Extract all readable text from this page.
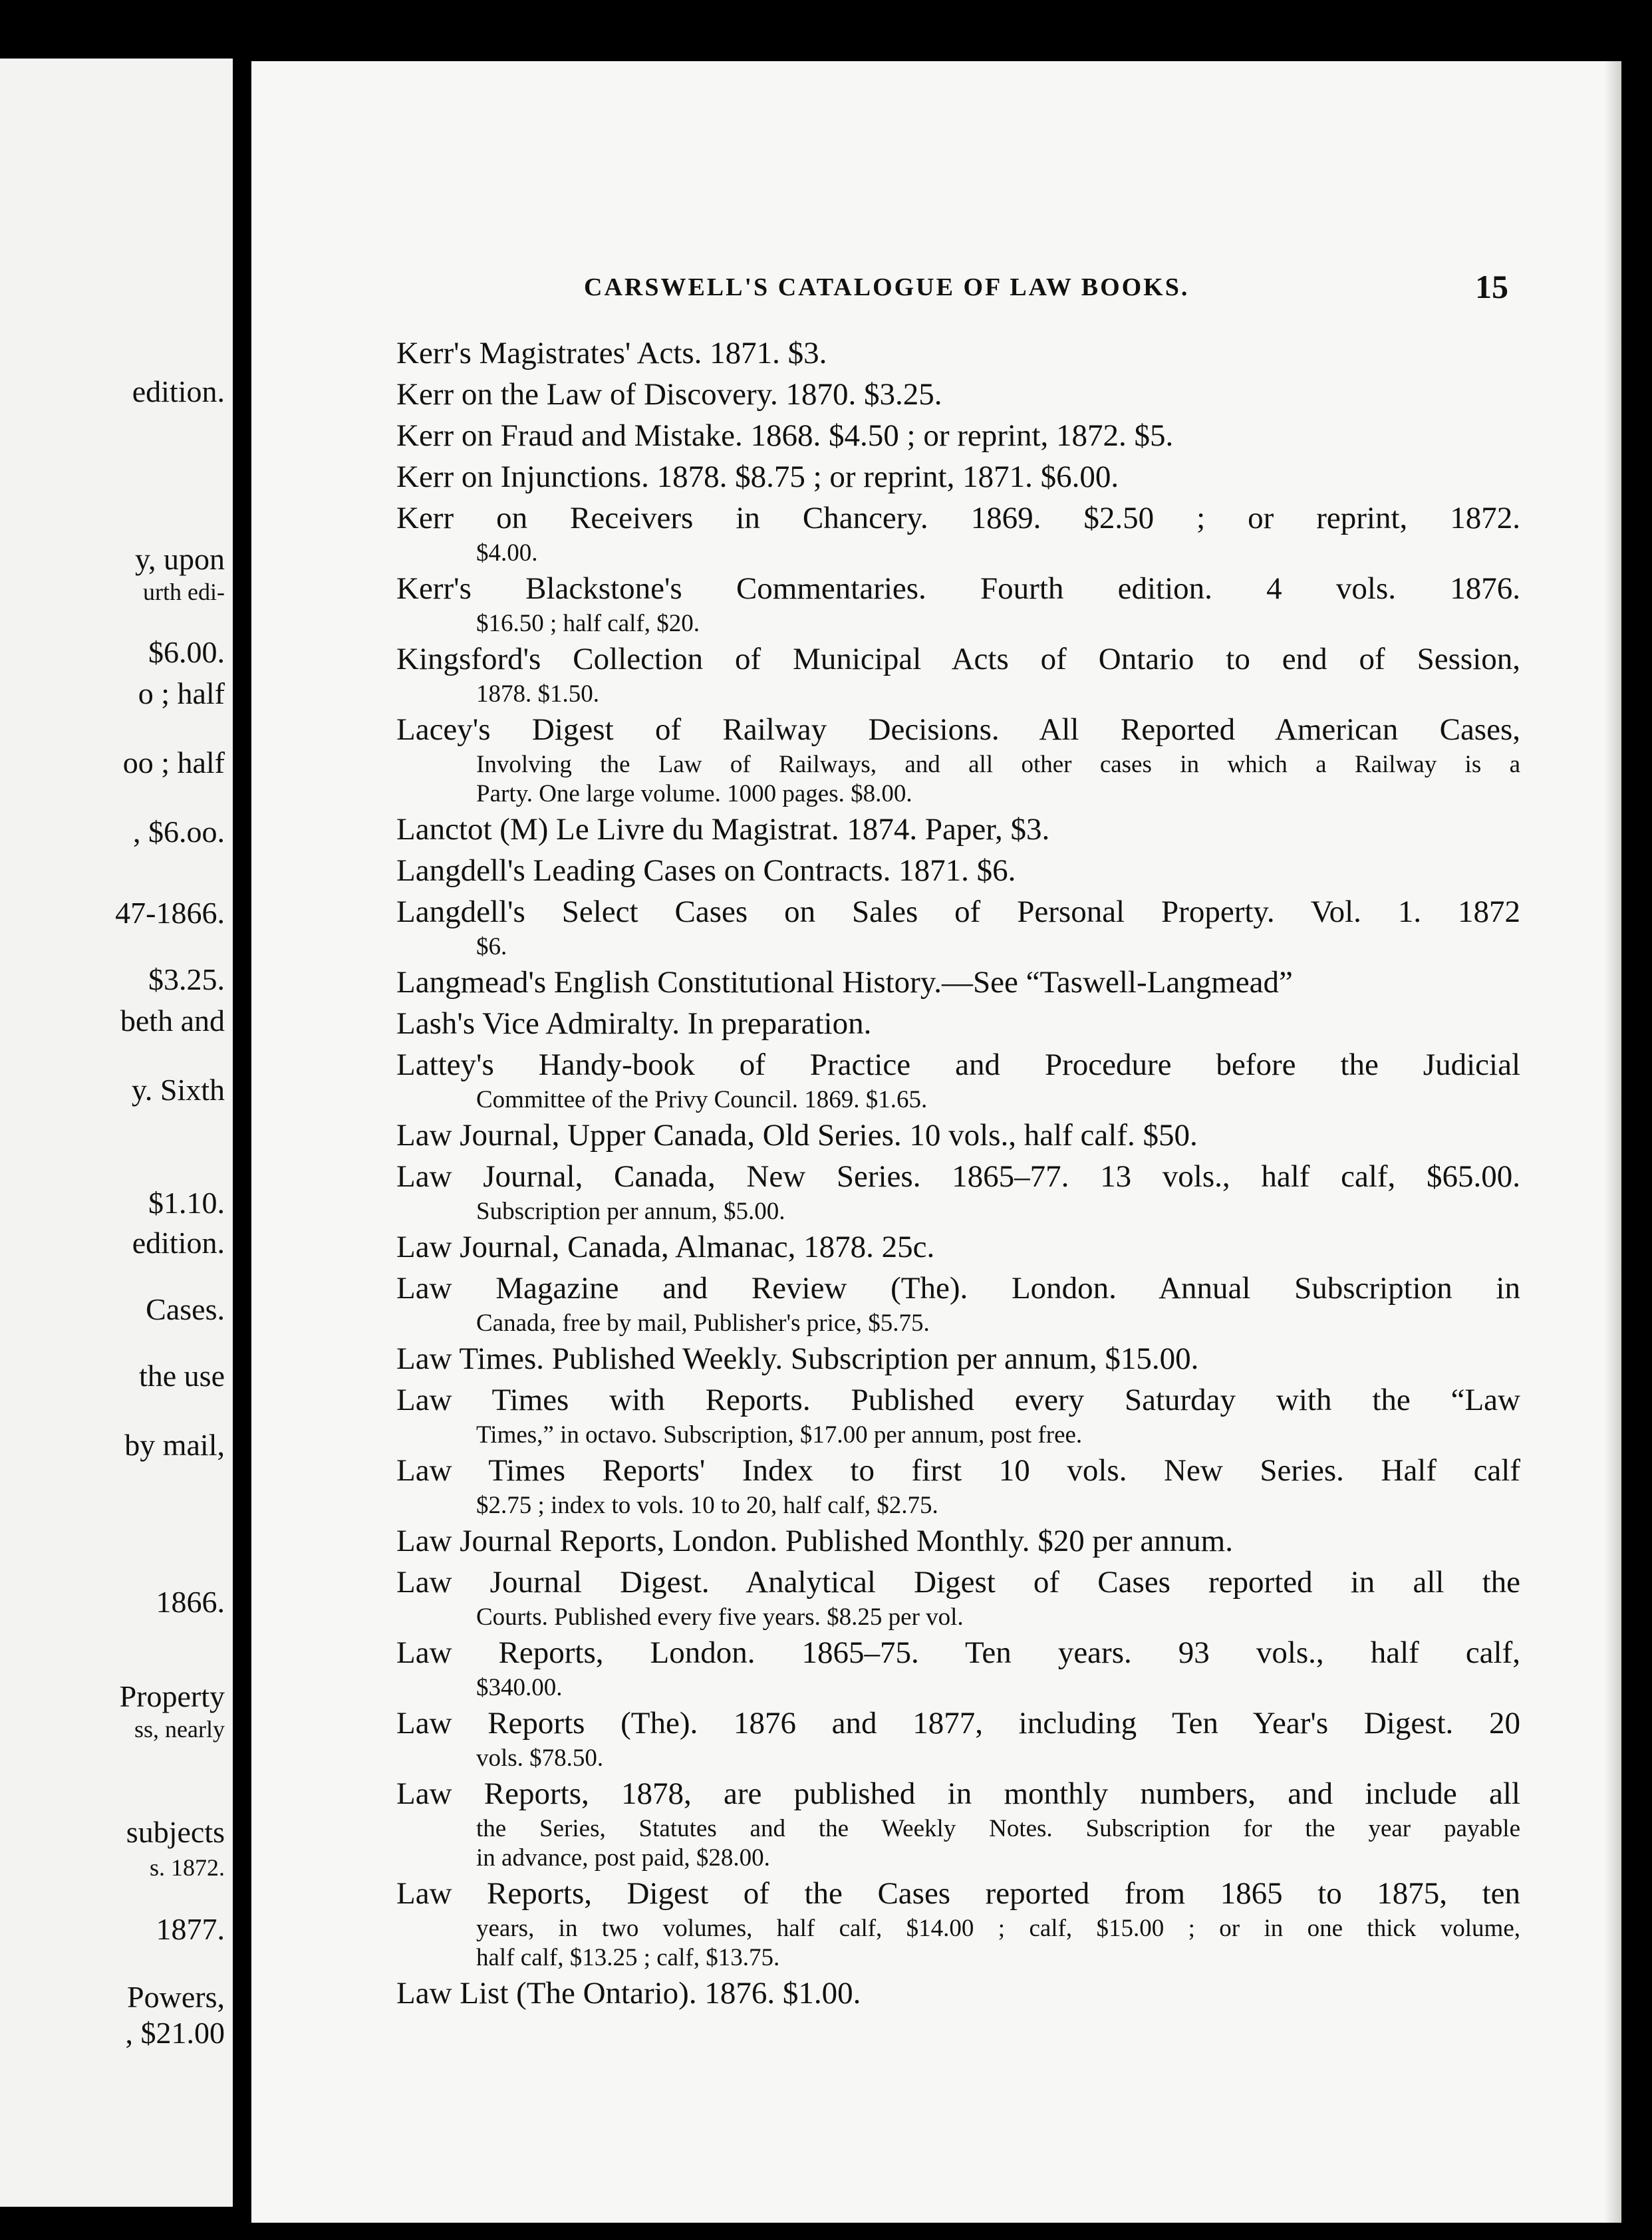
edition.
y, upon
urth edi-
$6.00.
o ; half
oo ; half
, $6.oo.
47-1866.
$3.25.
beth and
y. Sixth
$1.10.
edition.
Cases.
the use
by mail,
1866.
Property
ss, nearly
subjects
s. 1872.
1877.
Powers,
, $21.00
CARSWELL'S CATALOGUE OF LAW BOOKS.	15
Kerr's Magistrates' Acts. 1871. $3.
Kerr on the Law of Discovery. 1870. $3.25.
Kerr on Fraud and Mistake. 1868. $4.50 ; or reprint, 1872. $5.
Kerr on Injunctions. 1878. $8.75 ; or reprint, 1871. $6.00.
Kerr on Receivers in Chancery. 1869. $2.50 ; or reprint, 1872.
$4.00.
Kerr's Blackstone's Commentaries. Fourth edition. 4 vols. 1876.
$16.50 ; half calf, $20.
Kingsford's Collection of Municipal Acts of Ontario to end of Session,
1878. $1.50.
Lacey's Digest of Railway Decisions. All Reported American Cases,
Involving the Law of Railways, and all other cases in which a Railway is a
Party. One large volume. 1000 pages. $8.00.
Lanctot (M) Le Livre du Magistrat. 1874. Paper, $3.
Langdell's Leading Cases on Contracts. 1871. $6.
Langdell's Select Cases on Sales of Personal Property. Vol. 1. 1872
$6.
Langmead's English Constitutional History.—See “Taswell-Langmead”
Lash's Vice Admiralty. In preparation.
Lattey's Handy-book of Practice and Procedure before the Judicial
Committee of the Privy Council. 1869. $1.65.
Law Journal, Upper Canada, Old Series. 10 vols., half calf. $50.
Law Journal, Canada, New Series. 1865–77. 13 vols., half calf, $65.00.
Subscription per annum, $5.00.
Law Journal, Canada, Almanac, 1878. 25c.
Law Magazine and Review (The). London. Annual Subscription in
Canada, free by mail, Publisher's price, $5.75.
Law Times. Published Weekly. Subscription per annum, $15.00.
Law Times with Reports. Published every Saturday with the “Law
Times,” in octavo. Subscription, $17.00 per annum, post free.
Law Times Reports' Index to first 10 vols. New Series. Half calf
$2.75 ; index to vols. 10 to 20, half calf, $2.75.
Law Journal Reports, London. Published Monthly. $20 per annum.
Law Journal Digest. Analytical Digest of Cases reported in all the
Courts. Published every five years. $8.25 per vol.
Law Reports, London. 1865–75. Ten years. 93 vols., half calf,
$340.00.
Law Reports (The). 1876 and 1877, including Ten Year's Digest. 20
vols. $78.50.
Law Reports, 1878, are published in monthly numbers, and include all
the Series, Statutes and the Weekly Notes. Subscription for the year payable
in advance, post paid, $28.00.
Law Reports, Digest of the Cases reported from 1865 to 1875, ten
years, in two volumes, half calf, $14.00 ; calf, $15.00 ; or in one thick volume,
half calf, $13.25 ; calf, $13.75.
Law List (The Ontario). 1876. $1.00.
